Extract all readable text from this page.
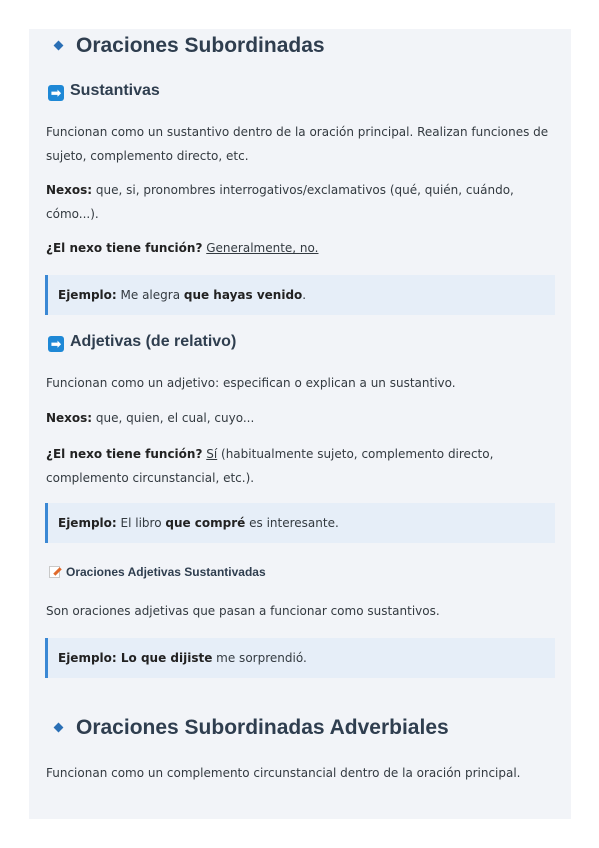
Oraciones Subordinadas
➡ Sustantivas
Funcionan como un sustantivo dentro de la oración principal. Realizan funciones de sujeto, complemento directo, etc.
Nexos: que, si, pronombres interrogativos/exclamativos (qué, quién, cuándo, cómo...).
¿El nexo tiene función? Generalmente, no.
Ejemplo: Me alegra que hayas venido.
➡ Adjetivas (de relativo)
Funcionan como un adjetivo: especifican o explican a un sustantivo.
Nexos: que, quien, el cual, cuyo...
¿El nexo tiene función? Sí (habitualmente sujeto, complemento directo, complemento circunstancial, etc.).
Ejemplo: El libro que compré es interesante.
Oraciones Adjetivas Sustantivadas
Son oraciones adjetivas que pasan a funcionar como sustantivos.
Ejemplo: Lo que dijiste me sorprendió.
Oraciones Subordinadas Adverbiales
Funcionan como un complemento circunstancial dentro de la oración principal.
